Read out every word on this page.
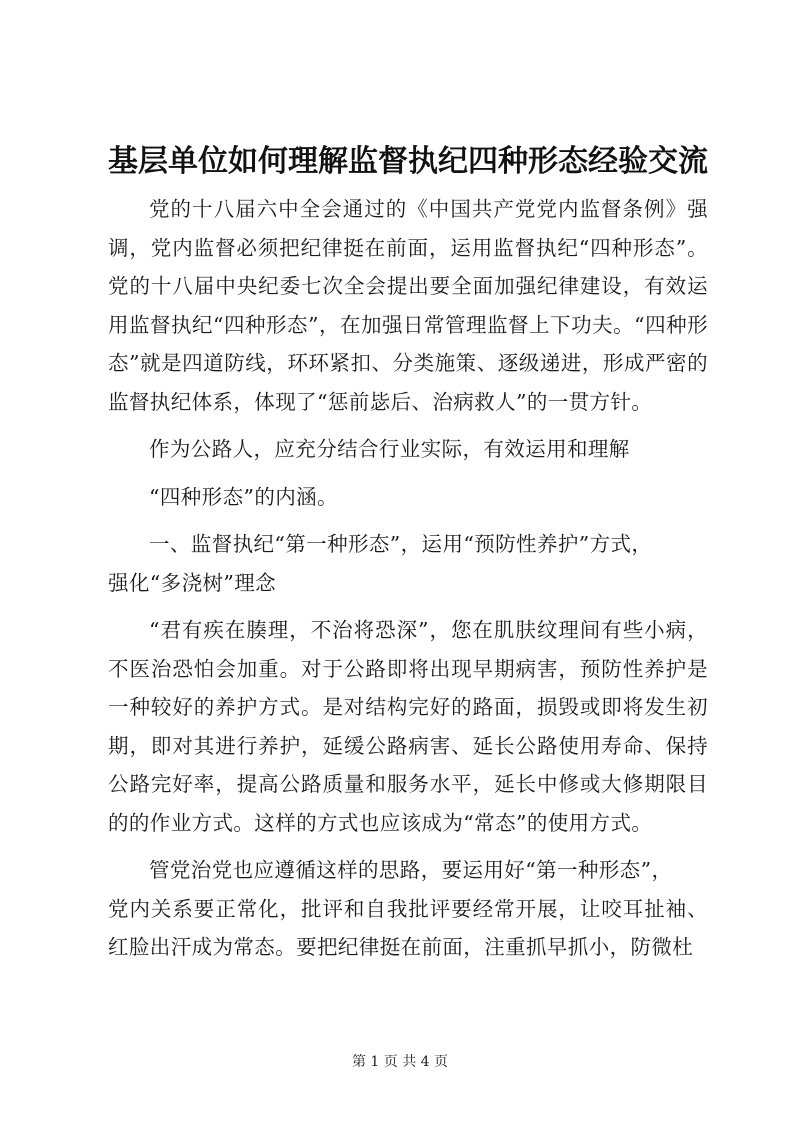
基层单位如何理解监督执纪四种形态经验交流

党的十八届六中全会通过的《中国共产党党内监督条例》强调，党内监督必须把纪律挺在前面，运用监督执纪“四种形态”。党的十八届中央纪委七次全会提出要全面加强纪律建设，有效运用监督执纪“四种形态”，在加强日常管理监督上下功夫。“四种形态”就是四道防线，环环紧扣、分类施策、逐级递进，形成严密的监督执纪体系，体现了“惩前毖后、治病救人”的一贯方针。

作为公路人，应充分结合行业实际，有效运用和理解

“四种形态”的内涵。

一、监督执纪“第一种形态”，运用“预防性养护”方式，

强化“多浇树”理念

“君有疾在腠理，不治将恐深”，您在肌肤纹理间有些小病，不医治恐怕会加重。对于公路即将出现早期病害，预防性养护是一种较好的养护方式。是对结构完好的路面，损毁或即将发生初期，即对其进行养护，延缓公路病害、延长公路使用寿命、保持公路完好率，提高公路质量和服务水平，延长中修或大修期限目的的作业方式。这样的方式也应该成为“常态”的使用方式。

管党治党也应遵循这样的思路，要运用好“第一种形态”，

党内关系要正常化，批评和自我批评要经常开展，让咬耳扯袖、红脸出汗成为常态。要把纪律挺在前面，注重抓早抓小，防微杜

第 1 页 共 4 页
